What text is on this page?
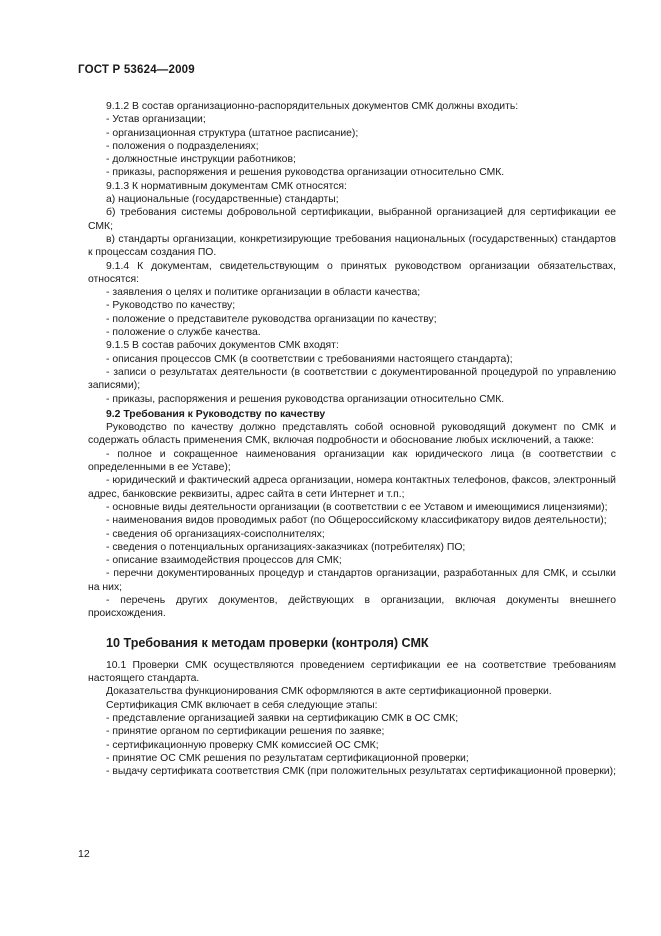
ГОСТ Р 53624—2009

9.1.2 В состав организационно-распорядительных документов СМК должны входить:

- Устав организации;

- организационная структура (штатное расписание);

- положения о подразделениях;

- должностные инструкции работников;

- приказы, распоряжения и решения руководства организации относительно СМК.

9.1.3 К нормативным документам СМК относятся:

а) национальные (государственные) стандарты;

б) требования системы добровольной сертификации, выбранной организацией для сертификации ее СМК;

в) стандарты организации, конкретизирующие требования национальных (государственных) стандартов к процессам создания ПО.

9.1.4 К документам, свидетельствующим о принятых руководством организации обязательствах, относятся:

- заявления о целях и политике организации в области качества;

- Руководство по качеству;

- положение о представителе руководства организации по качеству;

- положение о службе качества.

9.1.5 В состав рабочих документов СМК входят:

- описания процессов СМК (в соответствии с требованиями настоящего стандарта);

- записи о результатах деятельности (в соответствии с документированной процедурой по управлению записями);

- приказы, распоряжения и решения руководства организации относительно СМК.

9.2 Требования к Руководству по качеству

Руководство по качеству должно представлять собой основной руководящий документ по СМК и содержать область применения СМК, включая подробности и обоснование любых исключений, а также:

- полное и сокращенное наименования организации как юридического лица (в соответствии с определенными в ее Уставе);

- юридический и фактический адреса организации, номера контактных телефонов, факсов, электронный адрес, банковские реквизиты, адрес сайта в сети Интернет и т.п.;

- основные виды деятельности организации (в соответствии с ее Уставом и имеющимися лицензиями);

- наименования видов проводимых работ (по Общероссийскому классификатору видов деятельности);

- сведения об организациях-соисполнителях;

- сведения о потенциальных организациях-заказчиках (потребителях) ПО;

- описание взаимодействия процессов для СМК;

- перечни документированных процедур и стандартов организации, разработанных для СМК, и ссылки на них;

- перечень других документов, действующих в организации, включая документы внешнего происхождения.

10 Требования к методам проверки (контроля) СМК

10.1 Проверки СМК осуществляются проведением сертификации ее на соответствие требованиям настоящего стандарта.

Доказательства функционирования СМК оформляются в акте сертификационной проверки.

Сертификация СМК включает в себя следующие этапы:

- представление организацией заявки на сертификацию СМК в ОС СМК;

- принятие органом по сертификации решения по заявке;

- сертификационную проверку СМК комиссией ОС СМК;

- принятие ОС СМК решения по результатам сертификационной проверки;

- выдачу сертификата соответствия СМК (при положительных результатах сертификационной проверки);

12
